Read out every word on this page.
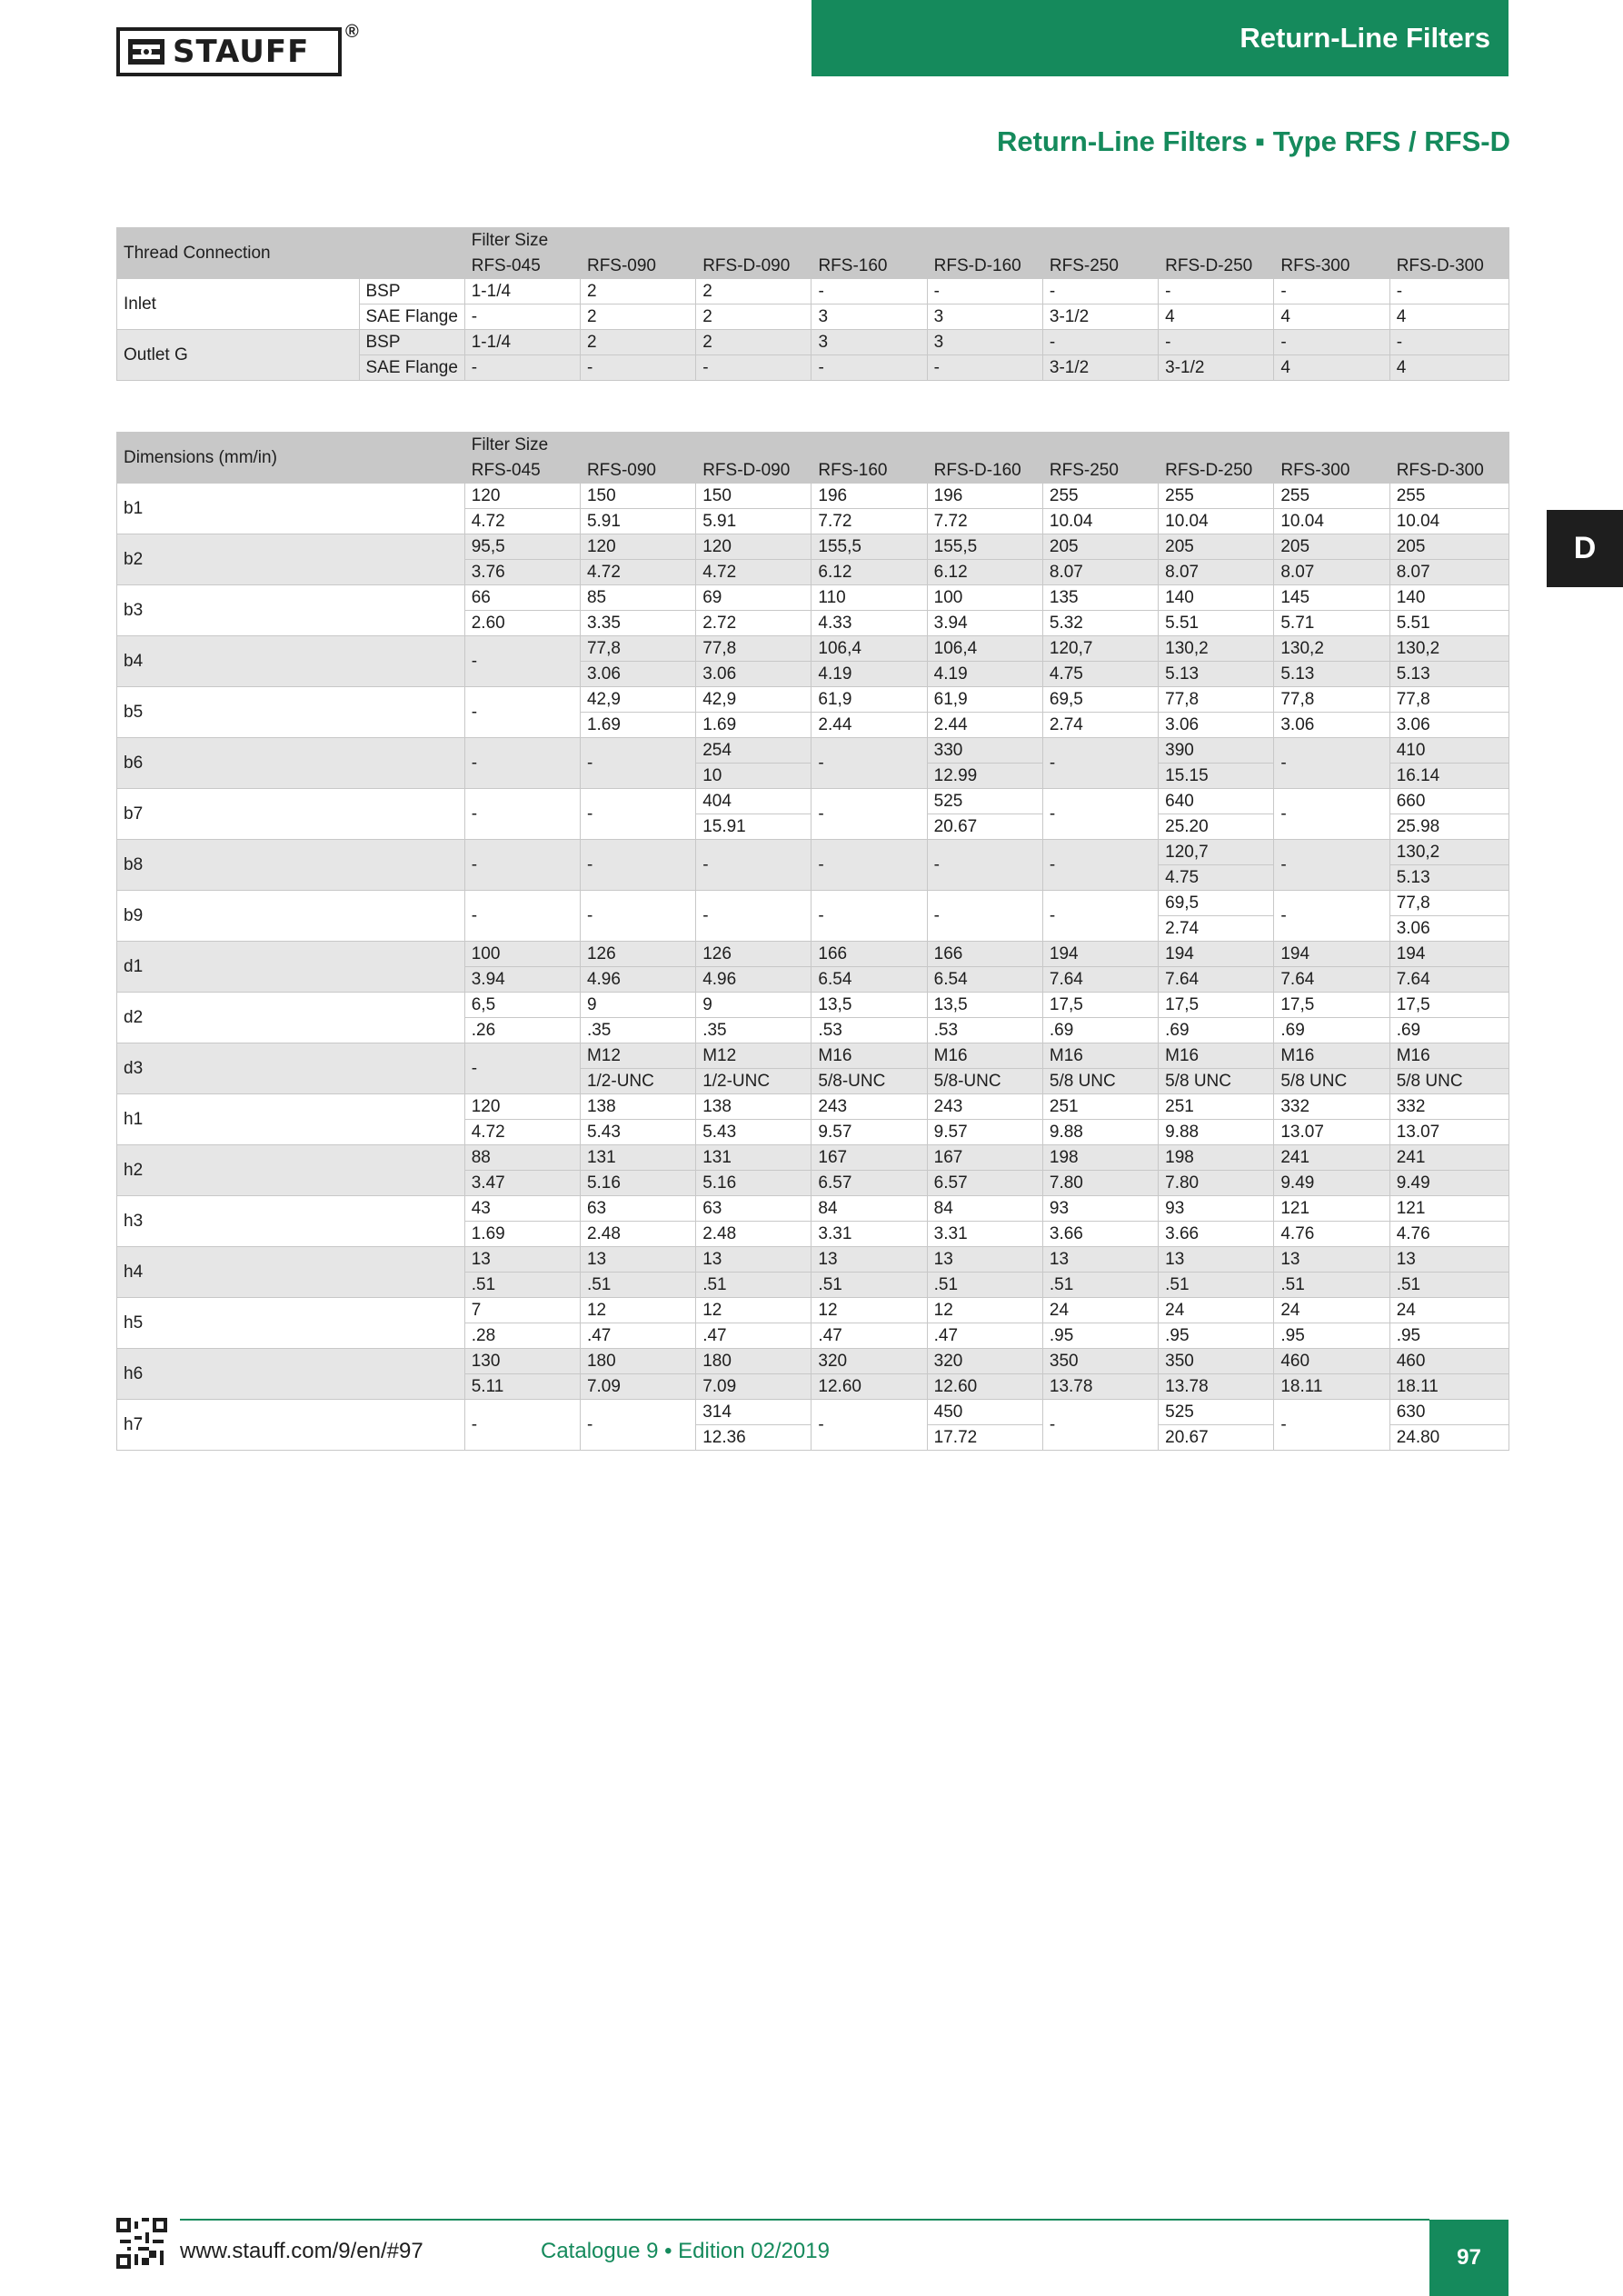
STAUFF
®	Return-Line Filters
Return-Line Filters ▪ Type RFS / RFS-D
D
Thread Connection		Filter Size								
		RFS-045	RFS-090	RFS-D-090	RFS-160	RFS-D-160	RFS-250	RFS-D-250	RFS-300	RFS-D-300
Inlet	BSP	1-1/4	2	2	-	-	-	-	-	-
	SAE Flange	-	2	2	3	3	3-1/2	4	4	4
Outlet G	BSP	1-1/4	2	2	3	3	-	-	-	-
	SAE Flange	-	-	-	-	-	3-1/2	3-1/2	4	4
Dimensions (mm/in)	Filter Size								
	RFS-045	RFS-090	RFS-D-090	RFS-160	RFS-D-160	RFS-250	RFS-D-250	RFS-300	RFS-D-300
b1	120	150	150	196	196	255	255	255	255
	4.72	5.91	5.91	7.72	7.72	10.04	10.04	10.04	10.04
b2	95,5	120	120	155,5	155,5	205	205	205	205
	3.76	4.72	4.72	6.12	6.12	8.07	8.07	8.07	8.07
b3	66	85	69	110	100	135	140	145	140
	2.60	3.35	2.72	4.33	3.94	5.32	5.51	5.71	5.51
b4	-	77,8	77,8	106,4	106,4	120,7	130,2	130,2	130,2
		3.06	3.06	4.19	4.19	4.75	5.13	5.13	5.13
b5	-	42,9	42,9	61,9	61,9	69,5	77,8	77,8	77,8
		1.69	1.69	2.44	2.44	2.74	3.06	3.06	3.06
b6	-	-	254	-	330	-	390	-	410
			10		12.99		15.15		16.14
b7	-	-	404	-	525	-	640	-	660
			15.91		20.67		25.20		25.98
b8	-	-	-	-	-	-	120,7	-	130,2
							4.75		5.13
b9	-	-	-	-	-	-	69,5	-	77,8
							2.74		3.06
d1	100	126	126	166	166	194	194	194	194
	3.94	4.96	4.96	6.54	6.54	7.64	7.64	7.64	7.64
d2	6,5	9	9	13,5	13,5	17,5	17,5	17,5	17,5
	.26	.35	.35	.53	.53	.69	.69	.69	.69
d3	-	M12	M12	M16	M16	M16	M16	M16	M16
		1/2-UNC	1/2-UNC	5/8-UNC	5/8-UNC	5/8 UNC	5/8 UNC	5/8 UNC	5/8 UNC
h1	120	138	138	243	243	251	251	332	332
	4.72	5.43	5.43	9.57	9.57	9.88	9.88	13.07	13.07
h2	88	131	131	167	167	198	198	241	241
	3.47	5.16	5.16	6.57	6.57	7.80	7.80	9.49	9.49
h3	43	63	63	84	84	93	93	121	121
	1.69	2.48	2.48	3.31	3.31	3.66	3.66	4.76	4.76
h4	13	13	13	13	13	13	13	13	13
	.51	.51	.51	.51	.51	.51	.51	.51	.51
h5	7	12	12	12	12	24	24	24	24
	.28	.47	.47	.47	.47	.95	.95	.95	.95
h6	130	180	180	320	320	350	350	460	460
	5.11	7.09	7.09	12.60	12.60	13.78	13.78	18.11	18.11
h7	-	-	314	-	450	-	525	-	630
			12.36		17.72		20.67		24.80
www.stauff.com/9/en/#97	Catalogue 9 • Edition 02/2019	97
